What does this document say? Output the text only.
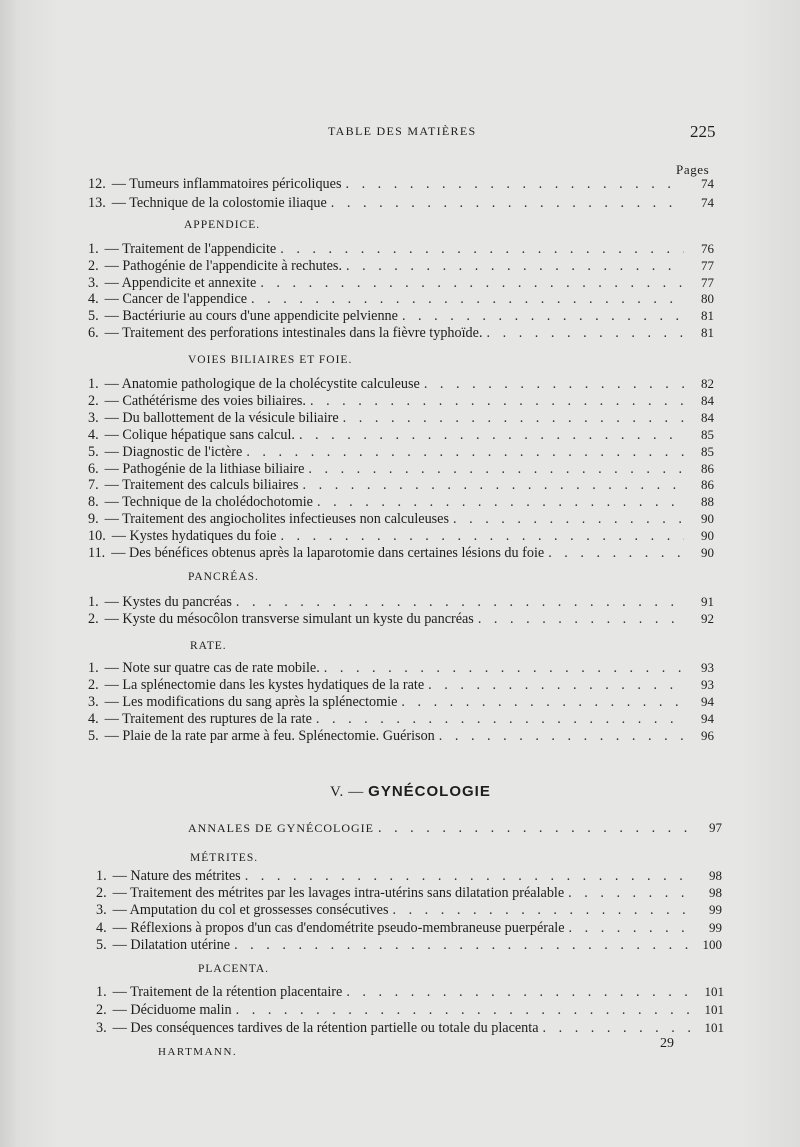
TABLE DES MATIÈRES	225
Pages
12. — Tumeurs inflammatoires péricoliques . . .	74
13. — Technique de la colostomie iliaque . . .	74
APPENDICE.
1. — Traitement de l'appendicite . . .	76
2. — Pathogénie de l'appendicite à rechutes. . . .	77
3. — Appendicite et annexite . . .	77
4. — Cancer de l'appendice . . .	80
5. — Bactériurie au cours d'une appendicite pelvienne . . .	81
6. — Traitement des perforations intestinales dans la fièvre typhoïde. . . .	81
VOIES BILIAIRES ET FOIE.
1. — Anatomie pathologique de la cholécystite calculeuse . . .	82
2. — Cathétérisme des voies biliaires. . . .	84
3. — Du ballottement de la vésicule biliaire . . .	84
4. — Colique hépatique sans calcul. . . .	85
5. — Diagnostic de l'ictère . . .	85
6. — Pathogénie de la lithiase biliaire . . .	86
7. — Traitement des calculs biliaires . . .	86
8. — Technique de la cholédochotomie . . .	88
9. — Traitement des angiocholites infectieuses non calculeuses . . .	90
10. — Kystes hydatiques du foie . . .	90
11. — Des bénéfices obtenus après la laparotomie dans certaines lésions du foie . . .	90
PANCRÉAS.
1. — Kystes du pancréas . . .	91
2. — Kyste du mésocôlon transverse simulant un kyste du pancréas . . .	92
RATE.
1. — Note sur quatre cas de rate mobile. . . .	93
2. — La splénectomie dans les kystes hydatiques de la rate . . .	93
3. — Les modifications du sang après la splénectomie . . .	94
4. — Traitement des ruptures de la rate . . .	94
5. — Plaie de la rate par arme à feu. Splénectomie. Guérison . . .	96
ANNALES DE GYNÉCOLOGIE . . .	97
MÉTRITES.
1. — Nature des métrites . . .	98
2. — Traitement des métrites par les lavages intra-utérins sans dilatation préalable . . .	98
3. — Amputation du col et grossesses consécutives . . .	99
4. — Réflexions à propos d'un cas d'endométrite pseudo-membraneuse puerpérale . . .	99
5. — Dilatation utérine . . .	100
PLACENTA.
1. — Traitement de la rétention placentaire . . .	101
2. — Déciduome malin . . .	101
3. — Des conséquences tardives de la rétention partielle ou totale du placenta . . .	101
V. — GYNÉCOLOGIE
HARTMANN.
29
